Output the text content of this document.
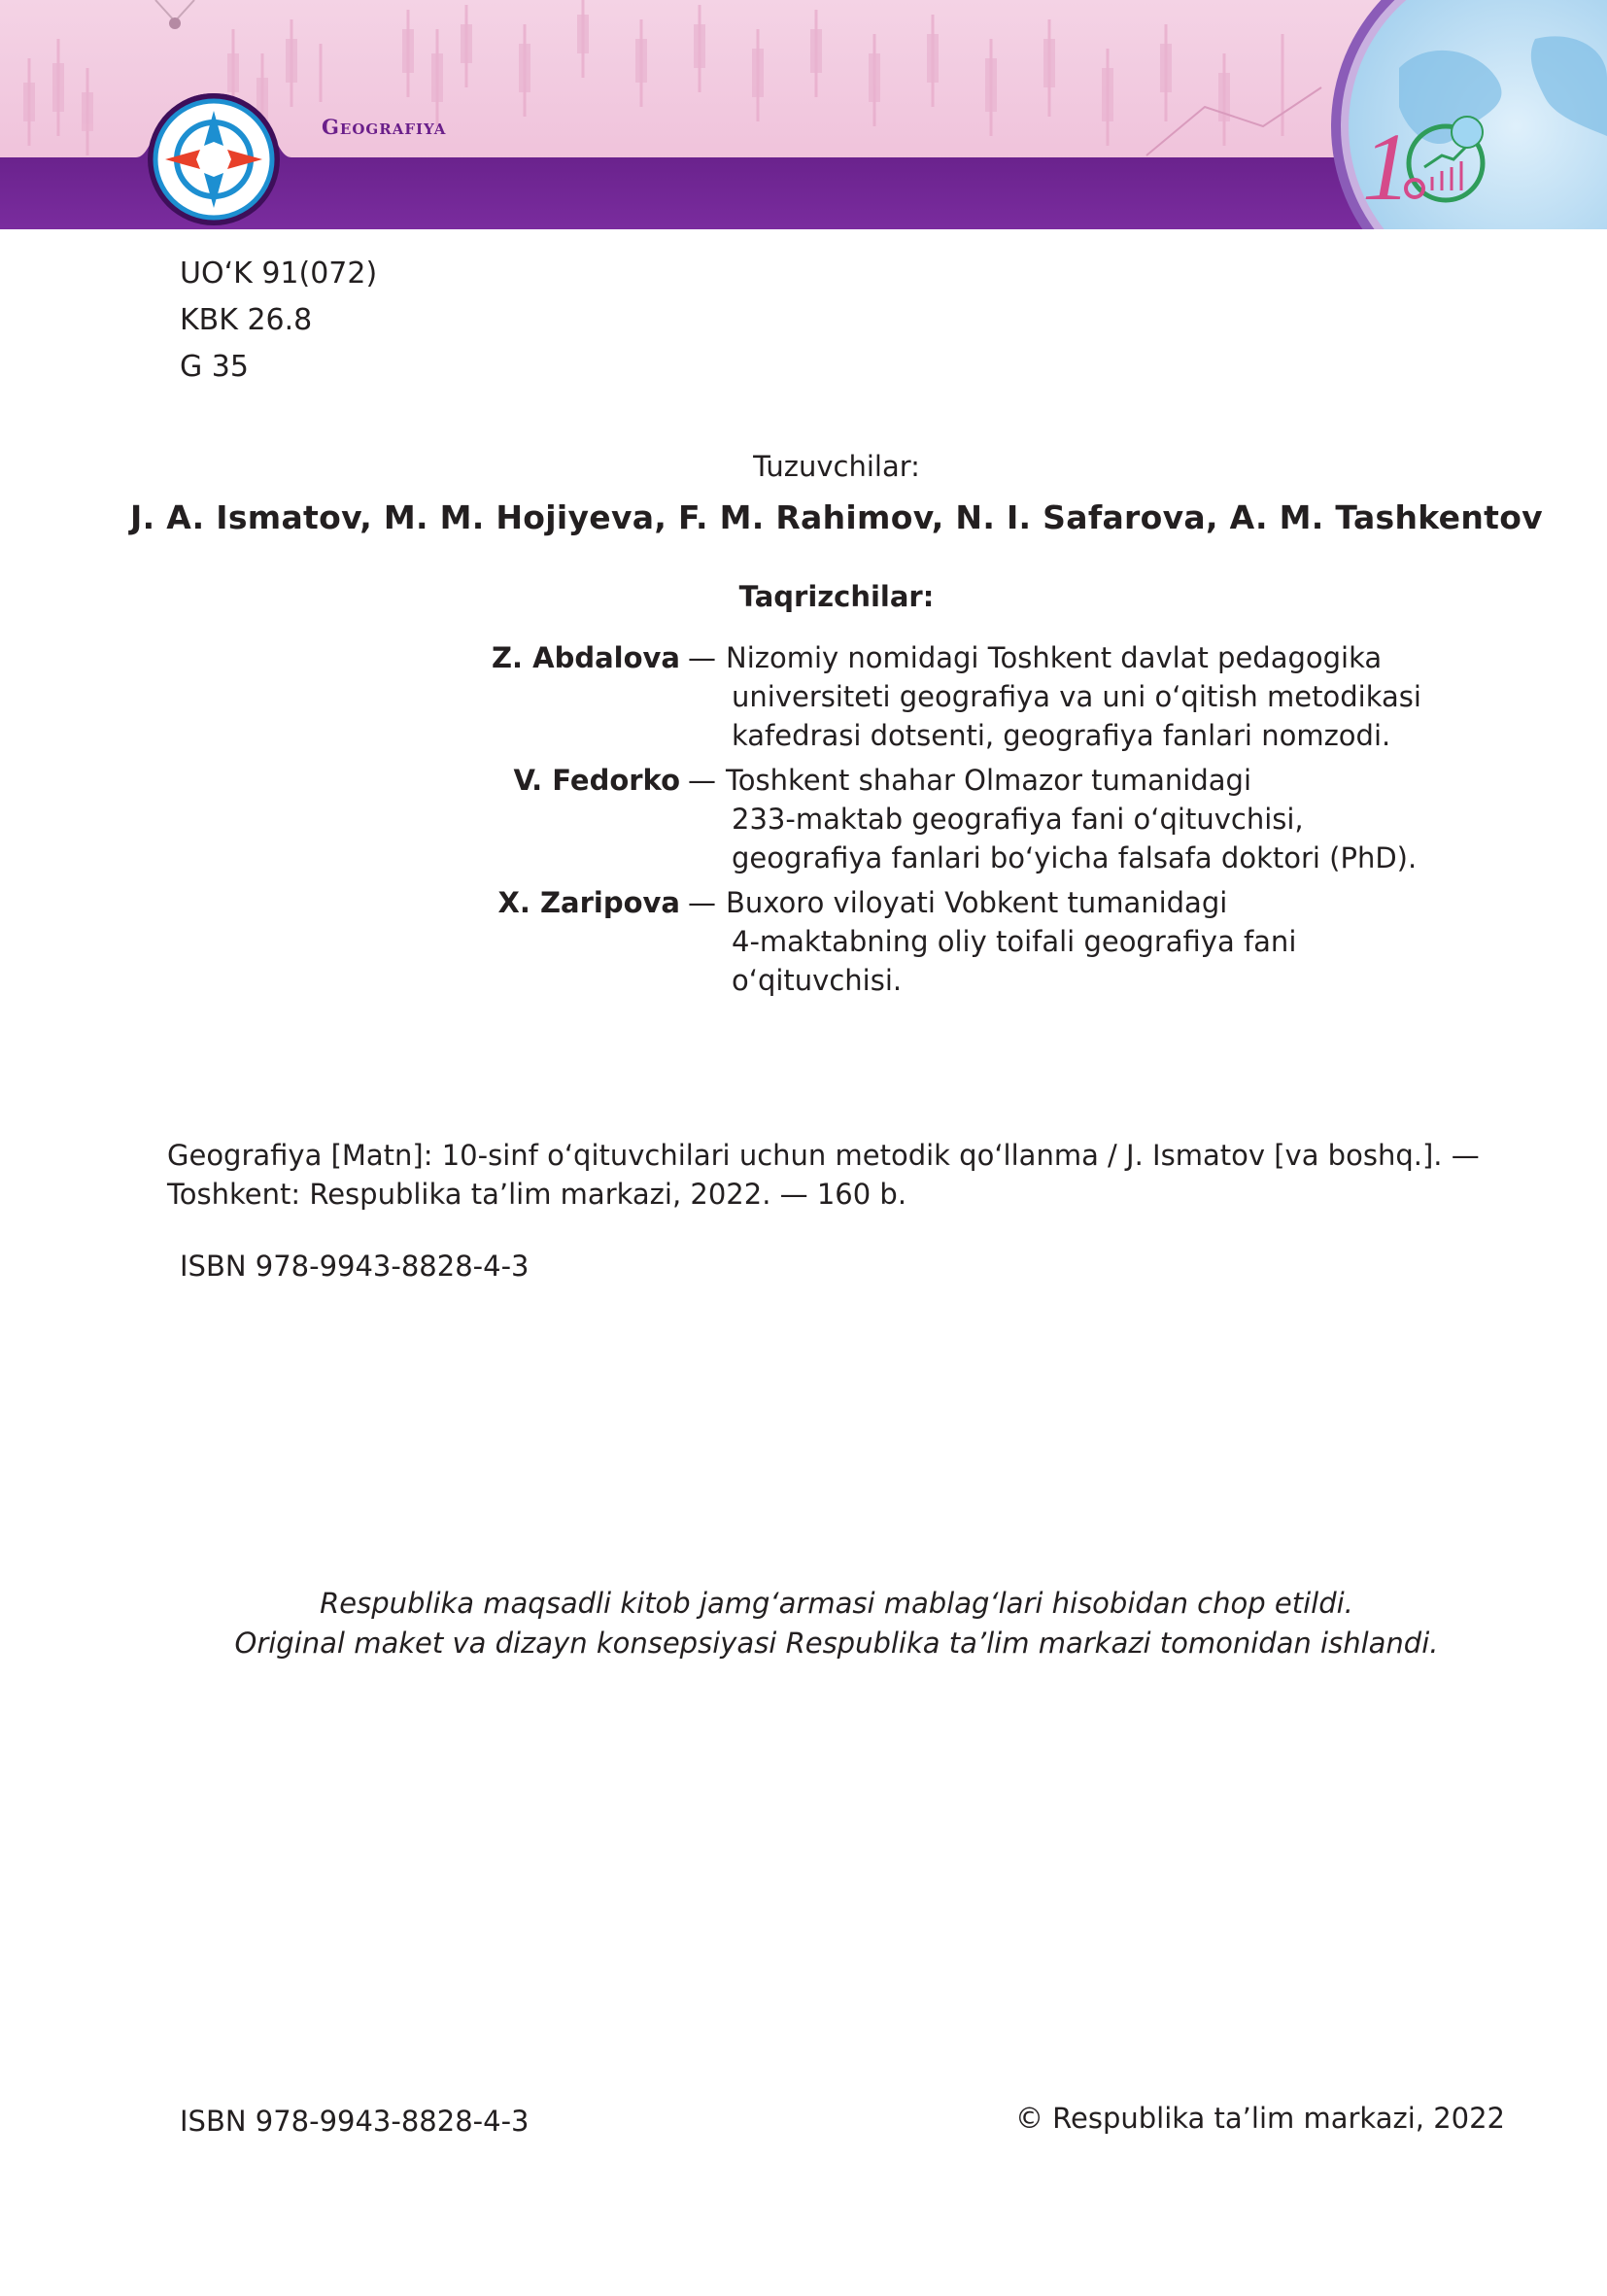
1
Geografiya
UO‘K 91(072)
KBK 26.8
G 35
Tuzuvchilar:
J. A. Ismatov, M. M. Hojiyeva, F. M. Rahimov, N. I. Safarova, A. M. Tashkentov
Taqrizchilar:
Z. Abdalova — Nizomiy nomidagi Toshkent davlat pedagogika
universiteti geografiya va uni o‘qitish metodikasi
kafedrasi dotsenti, geografiya fanlari nomzodi.
V. Fedorko — Toshkent shahar Olmazor tumanidagi
233-maktab geografiya fani o‘qituvchisi,
geografiya fanlari bo‘yicha falsafa doktori (PhD).
X. Zaripova — Buxoro viloyati Vobkent tumanidagi
4-maktabning oliy toifali geografiya fani
o‘qituvchisi.
Geografiya [Matn]: 10-sinf o‘qituvchilari uchun metodik qo‘llanma / J. Ismatov [va boshq.]. —
Toshkent: Respublika ta’lim markazi, 2022. — 160 b.
ISBN 978-9943-8828-4-3
Respublika maqsadli kitob jamg‘armasi mablag‘lari hisobidan chop etildi.
Original maket va dizayn konsepsiyasi Respublika ta’lim markazi tomonidan ishlandi.
ISBN 978-9943-8828-4-3	© Respublika ta’lim markazi, 2022
